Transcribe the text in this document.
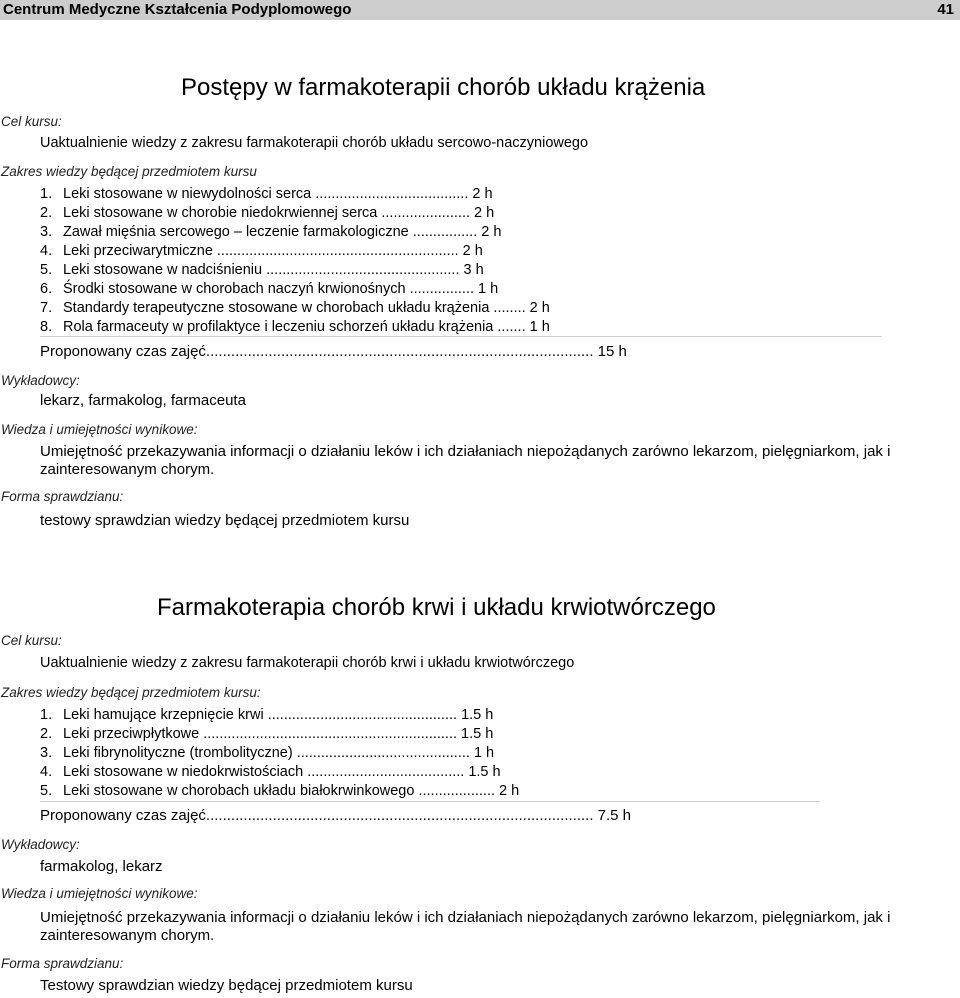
Centrum Medyczne Kształcenia Podyplomowego	41
Postępy w farmakoterapii chorób układu krążenia
Cel kursu:
Uaktualnienie wiedzy z zakresu farmakoterapii chorób układu sercowo-naczyniowego
Zakres wiedzy będącej przedmiotem kursu
1. Leki stosowane w niewydolności serca ...................................... 2 h
2. Leki stosowane w chorobie niedokrwiennej serca ...................... 2 h
3. Zawał mięśnia sercowego – leczenie farmakologiczne ................ 2 h
4. Leki przeciwarytmiczne ............................................................ 2 h
5. Leki stosowane w nadciśnieniu ................................................ 3 h
6. Środki stosowane w chorobach naczyń krwionośnych ................ 1 h
7. Standardy terapeutyczne stosowane w chorobach układu krążenia ........ 2 h
8. Rola farmaceuty w profilaktyce i leczeniu schorzeń układu krążenia ....... 1 h
Proponowany czas zajęć............................................................................................. 15 h
Wykładowcy:
lekarz, farmakolog, farmaceuta
Wiedza i umiejętności wynikowe:
Umiejętność przekazywania informacji o działaniu leków i ich działaniach niepożądanych zarówno lekarzom, pielęgniarkom, jak i zainteresowanym chorym.
Forma sprawdzianu:
testowy sprawdzian wiedzy będącej przedmiotem kursu
Farmakoterapia chorób krwi i układu krwiotwórczego
Cel kursu:
Uaktualnienie wiedzy z zakresu farmakoterapii chorób krwi i układu krwiotwórczego
Zakres wiedzy będącej przedmiotem kursu:
1. Leki hamujące krzepnięcie krwi ............................................... 1.5 h
2. Leki przeciwpłytkowe ............................................................... 1.5 h
3. Leki fibrynolityczne (trombolityczne) ........................................... 1 h
4. Leki stosowane w niedokrwistościach ....................................... 1.5 h
5. Leki stosowane w chorobach układu białokrwinkowego ................... 2 h
Proponowany czas zajęć............................................................................................. 7.5 h
Wykładowcy:
farmakolog, lekarz
Wiedza i umiejętności wynikowe:
Umiejętność przekazywania informacji o działaniu leków i ich działaniach niepożądanych zarówno lekarzom, pielęgniarkom, jak i zainteresowanym chorym.
Forma sprawdzianu:
Testowy sprawdzian wiedzy będącej przedmiotem kursu
